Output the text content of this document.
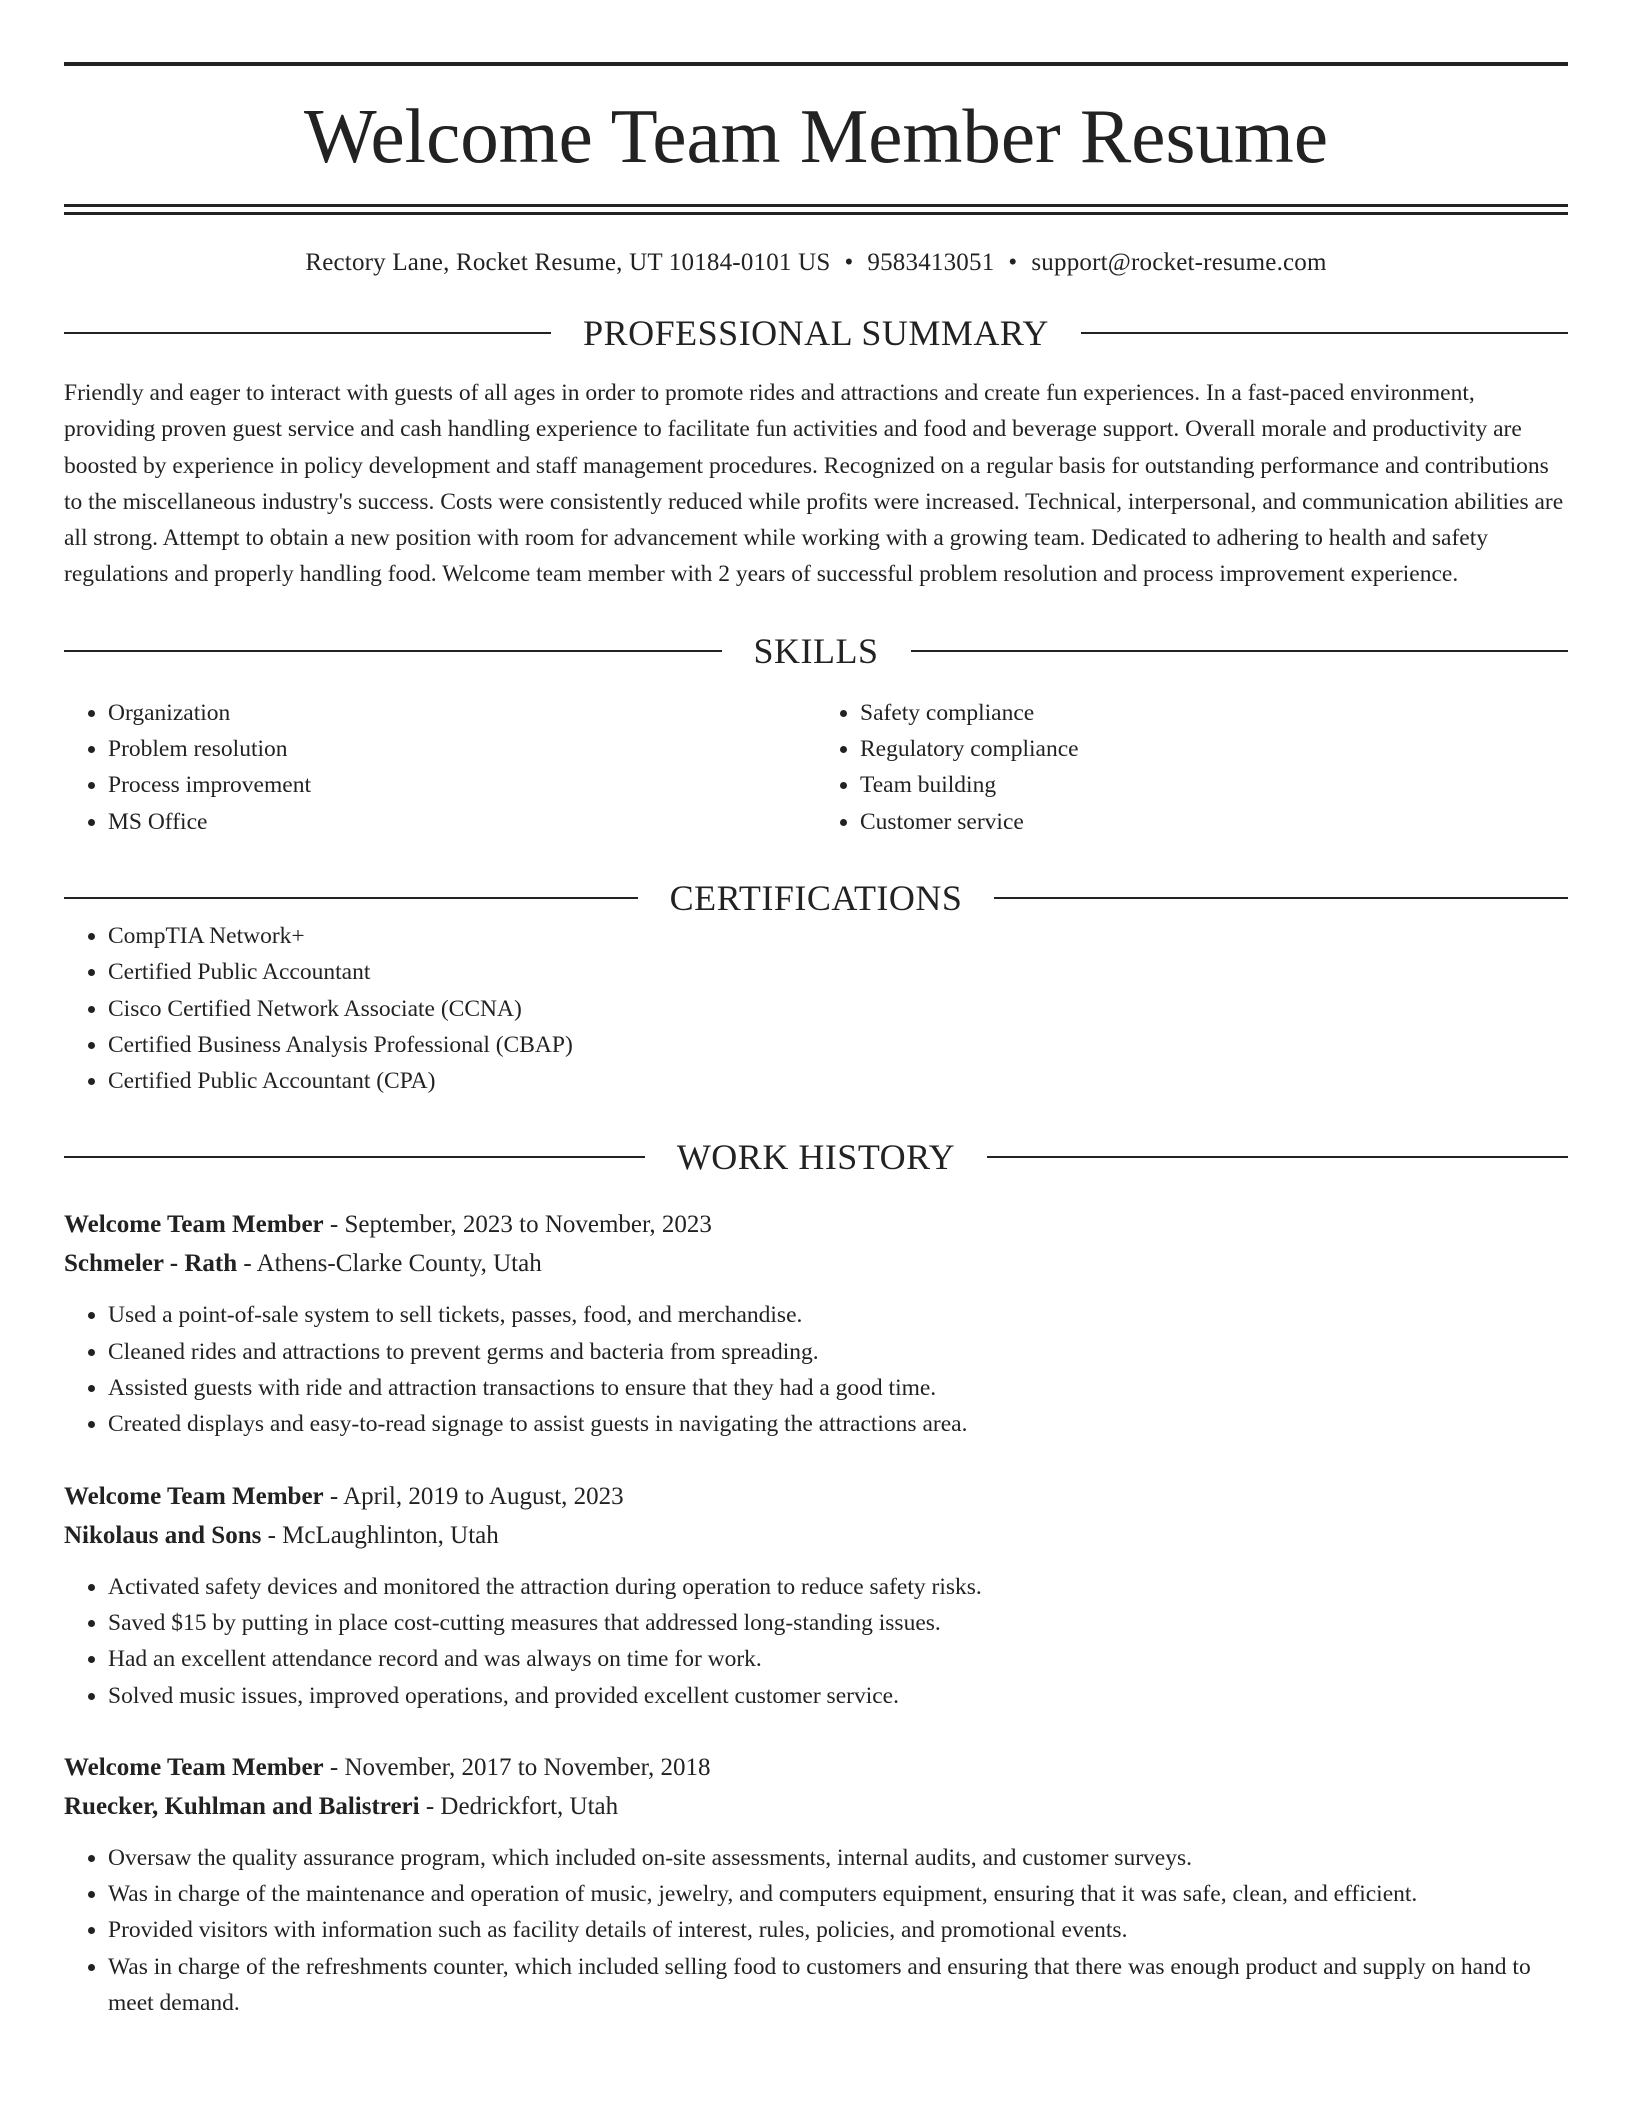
Welcome Team Member Resume
Rectory Lane, Rocket Resume, UT 10184-0101 US • 9583413051 • support@rocket-resume.com
PROFESSIONAL SUMMARY
Friendly and eager to interact with guests of all ages in order to promote rides and attractions and create fun experiences. In a fast-paced environment, providing proven guest service and cash handling experience to facilitate fun activities and food and beverage support. Overall morale and productivity are boosted by experience in policy development and staff management procedures. Recognized on a regular basis for outstanding performance and contributions to the miscellaneous industry's success. Costs were consistently reduced while profits were increased. Technical, interpersonal, and communication abilities are all strong. Attempt to obtain a new position with room for advancement while working with a growing team. Dedicated to adhering to health and safety regulations and properly handling food. Welcome team member with 2 years of successful problem resolution and process improvement experience.
SKILLS
• Organization
• Problem resolution
• Process improvement
• MS Office
• Safety compliance
• Regulatory compliance
• Team building
• Customer service
CERTIFICATIONS
• CompTIA Network+
• Certified Public Accountant
• Cisco Certified Network Associate (CCNA)
• Certified Business Analysis Professional (CBAP)
• Certified Public Accountant (CPA)
WORK HISTORY
Welcome Team Member - September, 2023 to November, 2023
Schmeler - Rath - Athens-Clarke County, Utah
• Used a point-of-sale system to sell tickets, passes, food, and merchandise.
• Cleaned rides and attractions to prevent germs and bacteria from spreading.
• Assisted guests with ride and attraction transactions to ensure that they had a good time.
• Created displays and easy-to-read signage to assist guests in navigating the attractions area.
Welcome Team Member - April, 2019 to August, 2023
Nikolaus and Sons - McLaughlinton, Utah
• Activated safety devices and monitored the attraction during operation to reduce safety risks.
• Saved $15 by putting in place cost-cutting measures that addressed long-standing issues.
• Had an excellent attendance record and was always on time for work.
• Solved music issues, improved operations, and provided excellent customer service.
Welcome Team Member - November, 2017 to November, 2018
Ruecker, Kuhlman and Balistreri - Dedrickfort, Utah
• Oversaw the quality assurance program, which included on-site assessments, internal audits, and customer surveys.
• Was in charge of the maintenance and operation of music, jewelry, and computers equipment, ensuring that it was safe, clean, and efficient.
• Provided visitors with information such as facility details of interest, rules, policies, and promotional events.
• Was in charge of the refreshments counter, which included selling food to customers and ensuring that there was enough product and supply on hand to meet demand.
